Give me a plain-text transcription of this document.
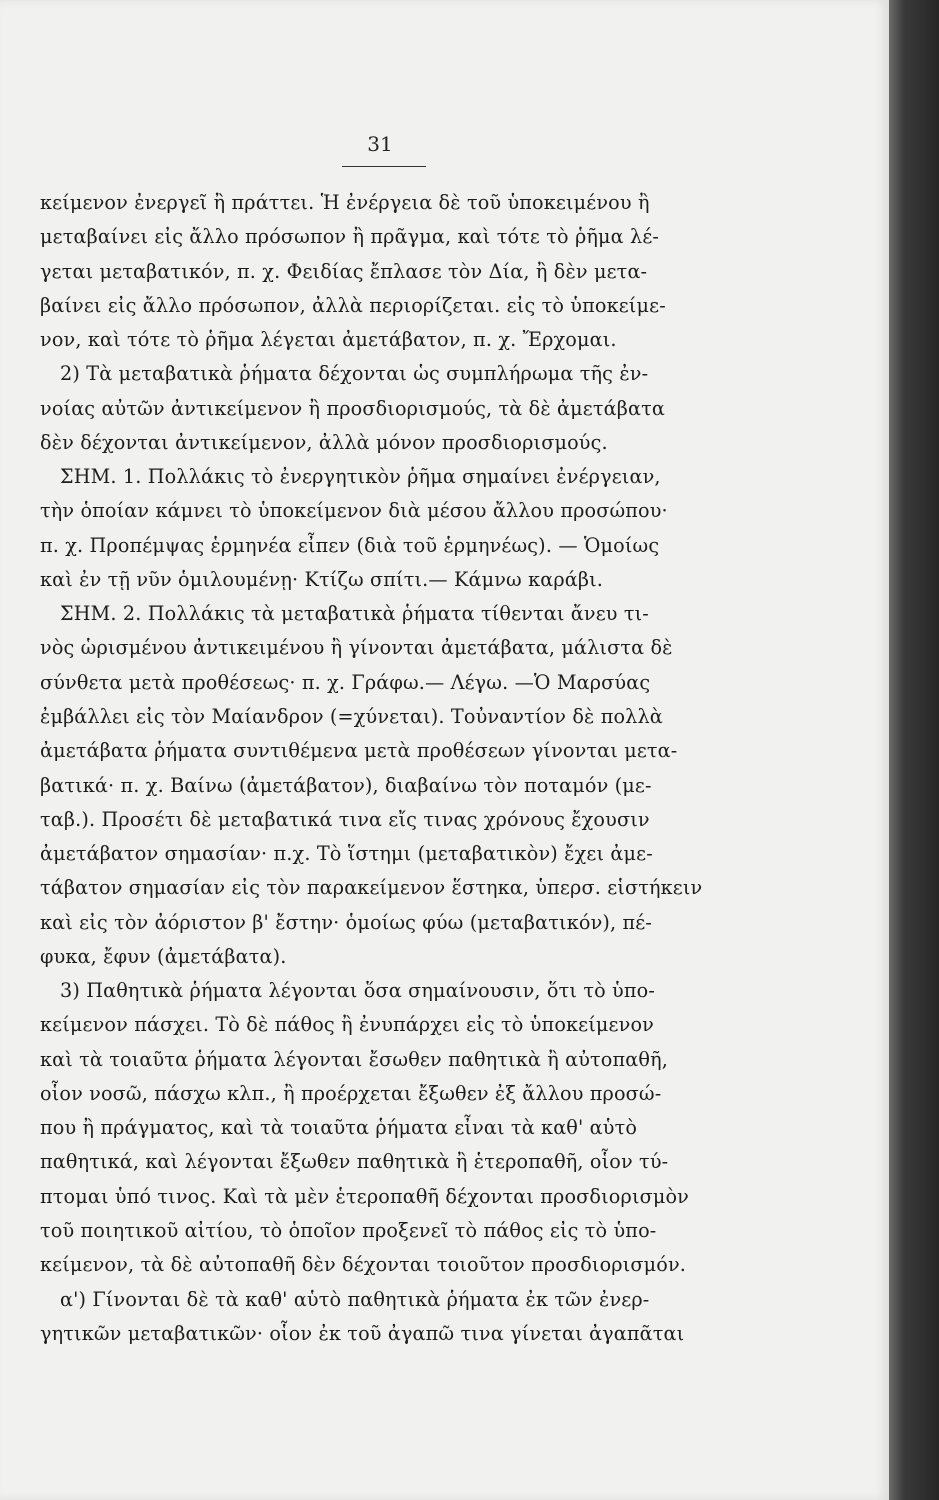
31
κείμενον ἐνεργεῖ ἢ πράττει. Ἡ ἐνέργεια δὲ τοῦ ὑποκειμένου ἢ
μεταβαίνει εἰς ἄλλο πρόσωπον ἢ πρᾶγμα, καὶ τότε τὸ ῥῆμα λέ-
γεται μεταβατικόν, π. χ. Φειδίας ἔπλασε τὸν Δία, ἢ δὲν μετα-
βαίνει εἰς ἄλλο πρόσωπον, ἀλλὰ περιορίζεται. εἰς τὸ ὑποκείμε-
νον, καὶ τότε τὸ ῥῆμα λέγεται ἀμετάβατον, π. χ. Ἔρχομαι.
2) Τὰ μεταβατικὰ ῥήματα δέχονται ὡς συμπλήρωμα τῆς ἐν-
νοίας αὐτῶν ἀντικείμενον ἢ προσδιορισμούς, τὰ δὲ ἀμετάβατα
δὲν δέχονται ἀντικείμενον, ἀλλὰ μόνον προσδιορισμούς.
ΣΗΜ. 1. Πολλάκις τὸ ἐνεργητικὸν ῥῆμα σημαίνει ἐνέργειαν,
τὴν ὁποίαν κάμνει τὸ ὑποκείμενον διὰ μέσου ἄλλου προσώπου·
π. χ. Προπέμψας ἑρμηνέα εἶπεν (διὰ τοῦ ἑρμηνέως). — Ὁμοίως
καὶ ἐν τῇ νῦν ὁμιλουμένῃ· Κτίζω σπίτι.— Κάμνω καράβι.
ΣΗΜ. 2. Πολλάκις τὰ μεταβατικὰ ῥήματα τίθενται ἄνευ τι-
νὸς ὡρισμένου ἀντικειμένου ἢ γίνονται ἀμετάβατα, μάλιστα δὲ
σύνθετα μετὰ προθέσεως· π. χ. Γράφω.— Λέγω. —Ὁ Μαρσύας
ἐμβάλλει εἰς τὸν Μαίανδρον (=χύνεται). Τοὐναντίον δὲ πολλὰ
ἀμετάβατα ῥήματα συντιθέμενα μετὰ προθέσεων γίνονται μετα-
βατικά· π. χ. Βαίνω (ἀμετάβατον), διαβαίνω τὸν ποταμόν (με-
ταβ.). Προσέτι δὲ μεταβατικά τινα εἴς τινας χρόνους ἔχουσιν
ἀμετάβατον σημασίαν· π.χ. Τὸ ἵστημι (μεταβατικὸν) ἔχει ἀμε-
τάβατον σημασίαν εἰς τὸν παρακείμενον ἕστηκα, ὑπερσ. εἱστήκειν
καὶ εἰς τὸν ἀόριστον β' ἔστην· ὁμοίως φύω (μεταβατικόν), πέ-
φυκα, ἔφυν (ἀμετάβατα).
3) Παθητικὰ ῥήματα λέγονται ὅσα σημαίνουσιν, ὅτι τὸ ὑπο-
κείμενον πάσχει. Τὸ δὲ πάθος ἢ ἐνυπάρχει εἰς τὸ ὑποκείμενον
καὶ τὰ τοιαῦτα ῥήματα λέγονται ἔσωθεν παθητικὰ ἢ αὐτοπαθῆ,
οἷον νοσῶ, πάσχω κλπ., ἢ προέρχεται ἔξωθεν ἐξ ἄλλου προσώ-
που ἢ πράγματος, καὶ τὰ τοιαῦτα ῥήματα εἶναι τὰ καθ' αὑτὸ
παθητικά, καὶ λέγονται ἔξωθεν παθητικὰ ἢ ἑτεροπαθῆ, οἷον τύ-
πτομαι ὑπό τινος. Καὶ τὰ μὲν ἑτεροπαθῆ δέχονται προσδιορισμὸν
τοῦ ποιητικοῦ αἰτίου, τὸ ὁποῖον προξενεῖ τὸ πάθος εἰς τὸ ὑπο-
κείμενον, τὰ δὲ αὐτοπαθῆ δὲν δέχονται τοιοῦτον προσδιορισμόν.
α') Γίνονται δὲ τὰ καθ' αὑτὸ παθητικὰ ῥήματα ἐκ τῶν ἐνερ-
γητικῶν μεταβατικῶν· οἷον ἐκ τοῦ ἀγαπῶ τινα γίνεται ἀγαπᾶται
